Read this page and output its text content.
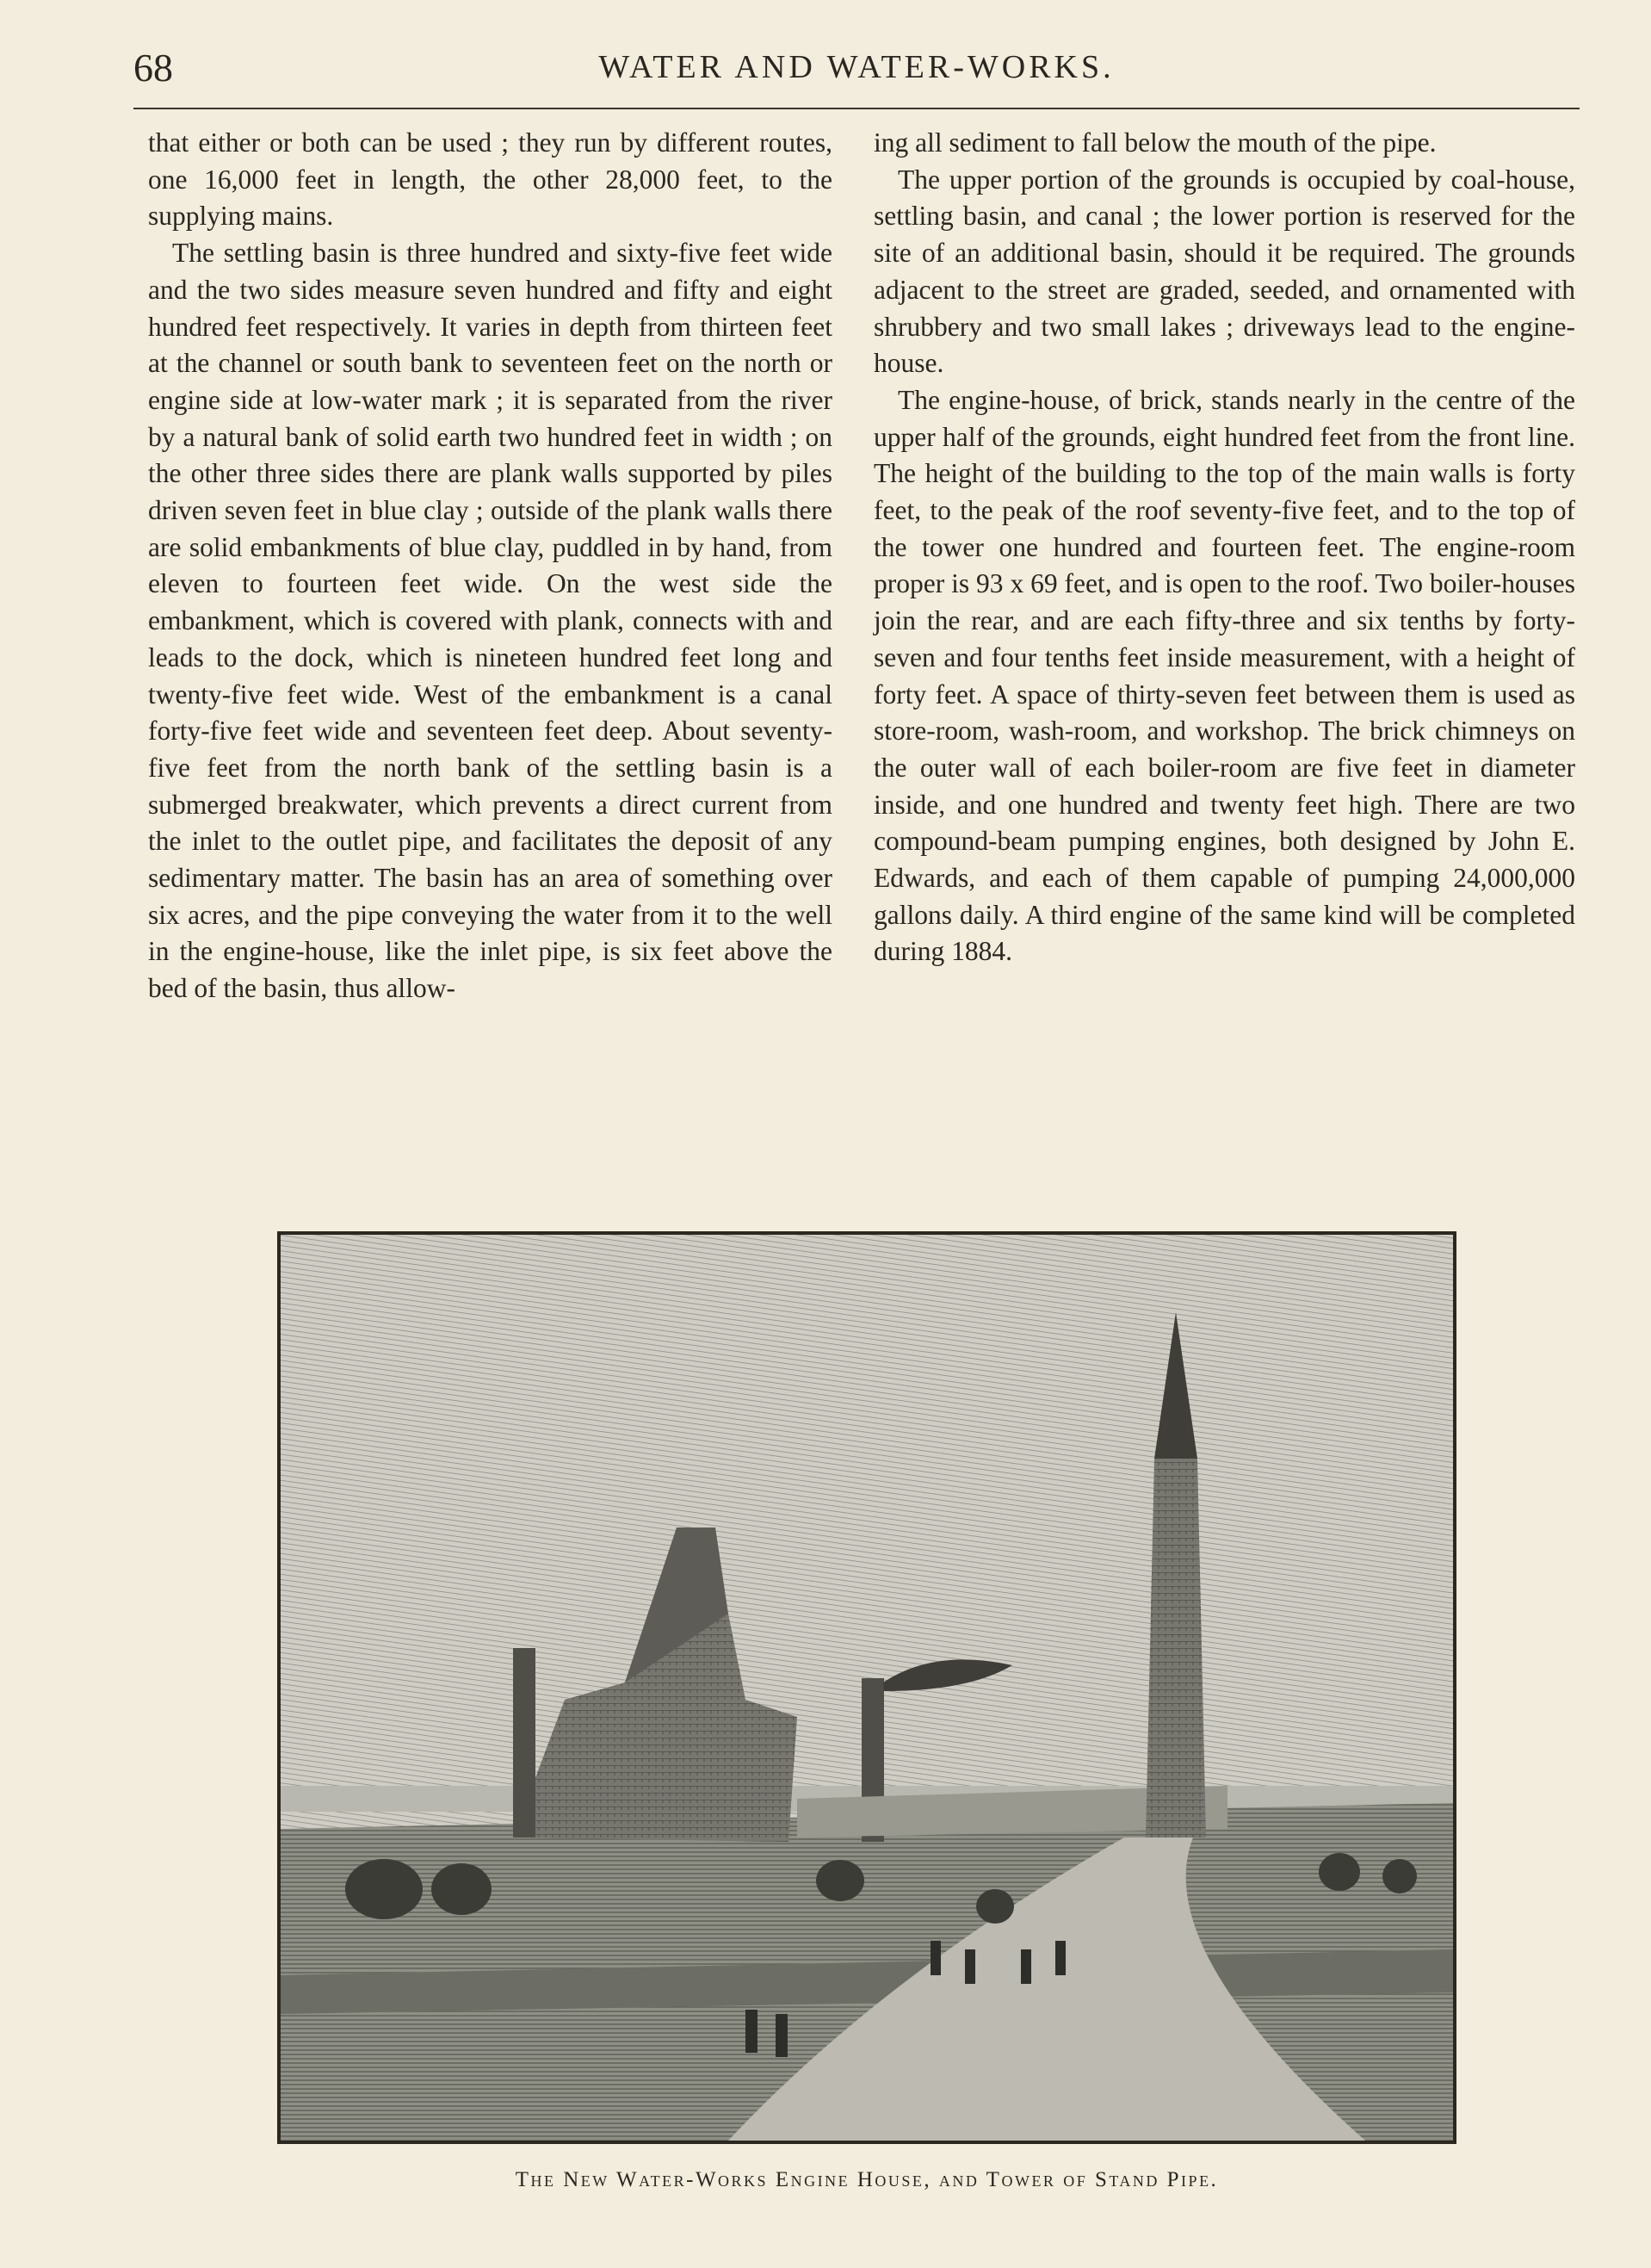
68	WATER AND WATER-WORKS.

that either or both can be used ; they run by different routes, one 16,000 feet in length, the other 28,000 feet, to the supplying mains.

The settling basin is three hundred and sixty-five feet wide and the two sides measure seven hundred and fifty and eight hundred feet respectively. It varies in depth from thirteen feet at the channel or south bank to seventeen feet on the north or engine side at low-water mark ; it is separated from the river by a natural bank of solid earth two hundred feet in width ; on the other three sides there are plank walls supported by piles driven seven feet in blue clay ; outside of the plank walls there are solid embankments of blue clay, puddled in by hand, from eleven to fourteen feet wide. On the west side the embankment, which is covered with plank, connects with and leads to the dock, which is nineteen hundred feet long and twenty-five feet wide. West of the embankment is a canal forty-five feet wide and seventeen feet deep. About seventy-five feet from the north bank of the settling basin is a submerged breakwater, which prevents a direct current from the inlet to the outlet pipe, and facilitates the deposit of any sedimentary matter. The basin has an area of something over six acres, and the pipe conveying the water from it to the well in the engine-house, like the inlet pipe, is six feet above the bed of the basin, thus allow-

ing all sediment to fall below the mouth of the pipe.

The upper portion of the grounds is occupied by coal-house, settling basin, and canal ; the lower portion is reserved for the site of an additional basin, should it be required. The grounds adjacent to the street are graded, seeded, and ornamented with shrubbery and two small lakes ; driveways lead to the engine-house.

The engine-house, of brick, stands nearly in the centre of the upper half of the grounds, eight hundred feet from the front line. The height of the building to the top of the main walls is forty feet, to the peak of the roof seventy-five feet, and to the top of the tower one hundred and fourteen feet. The engine-room proper is 93 x 69 feet, and is open to the roof. Two boiler-houses join the rear, and are each fifty-three and six tenths by forty-seven and four tenths feet inside measurement, with a height of forty feet. A space of thirty-seven feet between them is used as store-room, wash-room, and workshop. The brick chimneys on the outer wall of each boiler-room are five feet in diameter inside, and one hundred and twenty feet high. There are two compound-beam pumping engines, both designed by John E. Edwards, and each of them capable of pumping 24,000,000 gallons daily. A third engine of the same kind will be completed during 1884.

The New Water-Works Engine House, and Tower of Stand Pipe.
